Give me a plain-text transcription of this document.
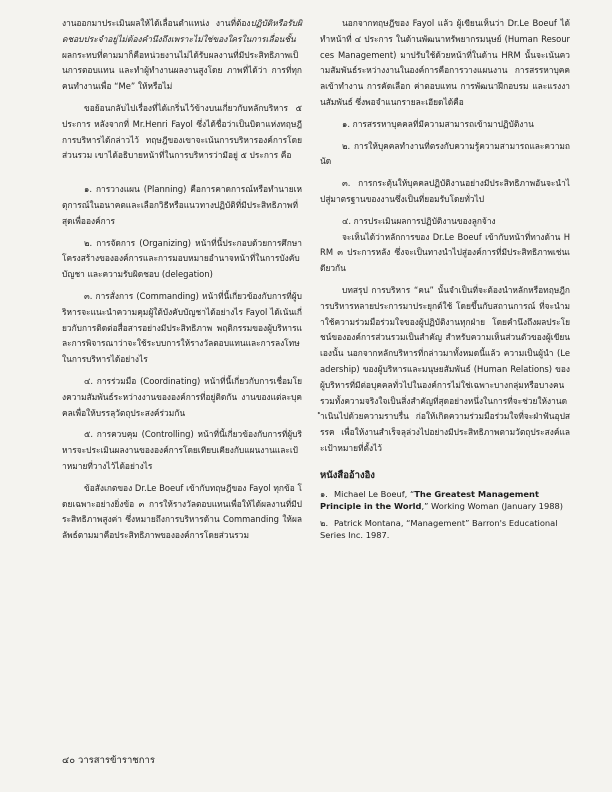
งานออกมาประเมินผลให้ได้เลื่อนตำแหน่ง งานที่ต้องปฏิบัติหรือรับผิดชอบประจำอยู่ไม่ต้องคำนึงถึงเพราะไม่ใช่ของใครในการเลื่อนชั้น ผลกระทบที่ตามมาก็คือหน่วยงานไม่ได้รับผลงานที่มีประสิทธิภาพเป็นการตอบแทน และทำผู้ทำงานผลงานสูงโดย ภาพที่ได้ว่า การที่ทุกคนทำงานเพื่อ “Me” ให้หรือไม่

ขอย้อนกลับไปเรื่องที่ได้เกริ่นไว้ข้างบนเกี่ยวกับหลักบริหาร ๕ ประการ หลังจากที่ Mr.Henri Fayol ซึ่งได้ชื่อว่าเป็นบิดาแห่งทฤษฎีการบริหารได้กล่าวไว้ ทฤษฎีของเขาจะเน้นการบริหารองค์การโดยส่วนรวม เขาได้อธิบายหน้าที่ในการบริหารว่ามีอยู่ ๕ ประการ คือ

๑. การวางแผน (Planning) คือการคาดการณ์หรือทำนายเหตุการณ์ในอนาคตและเลือกวิธีหรือแนวทางปฏิบัติที่มีประสิทธิภาพที่สุดเพื่อองค์การ

๒. การจัดการ (Organizing) หน้าที่นี้ประกอบด้วยการศึกษาโครงสร้างขององค์การและการมอบหมายอำนาจหน้าที่ในการบังคับบัญชา และความรับผิดชอบ (delegation)

๓. การสั่งการ (Commanding) หน้าที่นี้เกี่ยวข้องกับการที่ผู้บริหารจะแนะนำความคุมผู้ใต้บังคับบัญชาได้อย่างไร Fayol ได้เน้นเกี่ยวกับการติดต่อสื่อสารอย่างมีประสิทธิภาพ พฤติกรรมของผู้บริหารและการพิจารณาว่าจะใช้ระบบการให้รางวัลตอบแทนและการลงโทษในการบริหารได้อย่างไร

๔. การร่วมมือ (Coordinating) หน้าที่นี้เกี่ยวกับการเชื่อมโยงความสัมพันธ์ระหว่างงานขององค์การที่อยู่ติดกัน งานของแต่ละบุคคลเพื่อให้บรรลุวัตถุประสงค์ร่วมกัน

๕. การควบคุม (Controlling) หน้าที่นี้เกี่ยวข้องกับการที่ผู้บริหารจะประเมินผลงานขององค์การโดยเทียบเคียงกับแผนงานและเป้าหมายที่วางไว้ได้อย่างไร

ข้อสังเกตของ Dr.Le Boeuf เข้ากับทฤษฎีของ Fayol ทุกข้อ โดยเฉพาะอย่างยิ่งข้อ ๓ การให้รางวัลตอบแทนเพื่อให้ได้ผลงานที่มีประสิทธิภาพสูงค่า ซึ่งหมายถึงการบริหารด้าน Commanding ให้ผลลัพธ์ตามมาคือประสิทธิภาพขององค์การโดยส่วนรวม

นอกจากทฤษฎีของ Fayol แล้ว ผู้เขียนเห็นว่า Dr.Le Boeuf ได้ทำหน้าที่ ๔ ประการ ในด้านพัฒนาทรัพยากรมนุษย์ (Human Resources Management) มาปรับใช้ด้วยหน้าที่ในด้าน HRM นั้นจะเน้นความสัมพันธ์ระหว่างงานในองค์การคือการวางแผนงาน การสรรหาบุคคลเข้าทำงาน การคัดเลือก ค่าตอบแทน การพัฒนาฝึกอบรม และแรงงานสัมพันธ์ ซึ่งพอจำแนกรายละเอียดได้คือ

๑. การสรรหาบุคคลที่มีความสามารถเข้ามาปฏิบัติงาน

๒. การให้บุคคลทำงานที่ตรงกับความรู้ความสามารถและความถนัด

๓. การกระตุ้นให้บุคคลปฏิบัติงานอย่างมีประสิทธิภาพอันจะนำไปสู่มาตรฐานของงานซึ่งเป็นที่ยอมรับโดยทั่วไป

๔. การประเมินผลการปฏิบัติงานของลูกจ้าง

จะเห็นได้ว่าหลักการของ Dr.Le Boeuf เข้ากับหน้าที่ทางด้าน HRM ๓ ประการหลัง ซึ่งจะเป็นทางนำไปสู่องค์การที่มีประสิทธิภาพเช่นเดียวกัน

บทสรุป การบริหาร “คน” นั้นจำเป็นที่จะต้องนำหลักหรือทฤษฎีการบริหารหลายประการมาประยุกต์ใช้ โดยขึ้นกับสถานการณ์ ที่จะนำมาใช้ความร่วมมือร่วมใจของผู้ปฏิบัติงานทุกฝ่าย โดยคำนึงถึงผลประโยชน์ขององค์การส่วนรวมเป็นสำคัญ สำหรับความเห็นส่วนตัวของผู้เขียนเองนั้น นอกจากหลักบริหารที่กล่าวมาทั้งหมดนี้แล้ว ความเป็นผู้นำ (Leadership) ของผู้บริหารและมนุษยสัมพันธ์ (Human Relations) ของผู้บริหารที่มีต่อบุคคลทั่วไปในองค์การไม่ใช่เฉพาะบางกลุ่มหรือบางคน รวมทั้งความจริงใจเป็นสิ่งสำคัญที่สุดอย่างหนึ่งในการที่จะช่วยให้งานดำเนินไปด้วยความราบรื่น ก่อให้เกิดความร่วมมือร่วมใจที่จะฝ่าฟันอุปสรรค เพื่อให้งานสำเร็จลุล่วงไปอย่างมีประสิทธิภาพตามวัตถุประสงค์และเป้าหมายที่ตั้งไว้

หนังสืออ้างอิง
๑. Michael Le Boeuf, “The Greatest Management Principle in the World,” Working Woman (January 1988)
๒. Patrick Montana, “Management” Barron's Educational Series Inc. 1987.
๔๐ วารสารข้าราชการ
